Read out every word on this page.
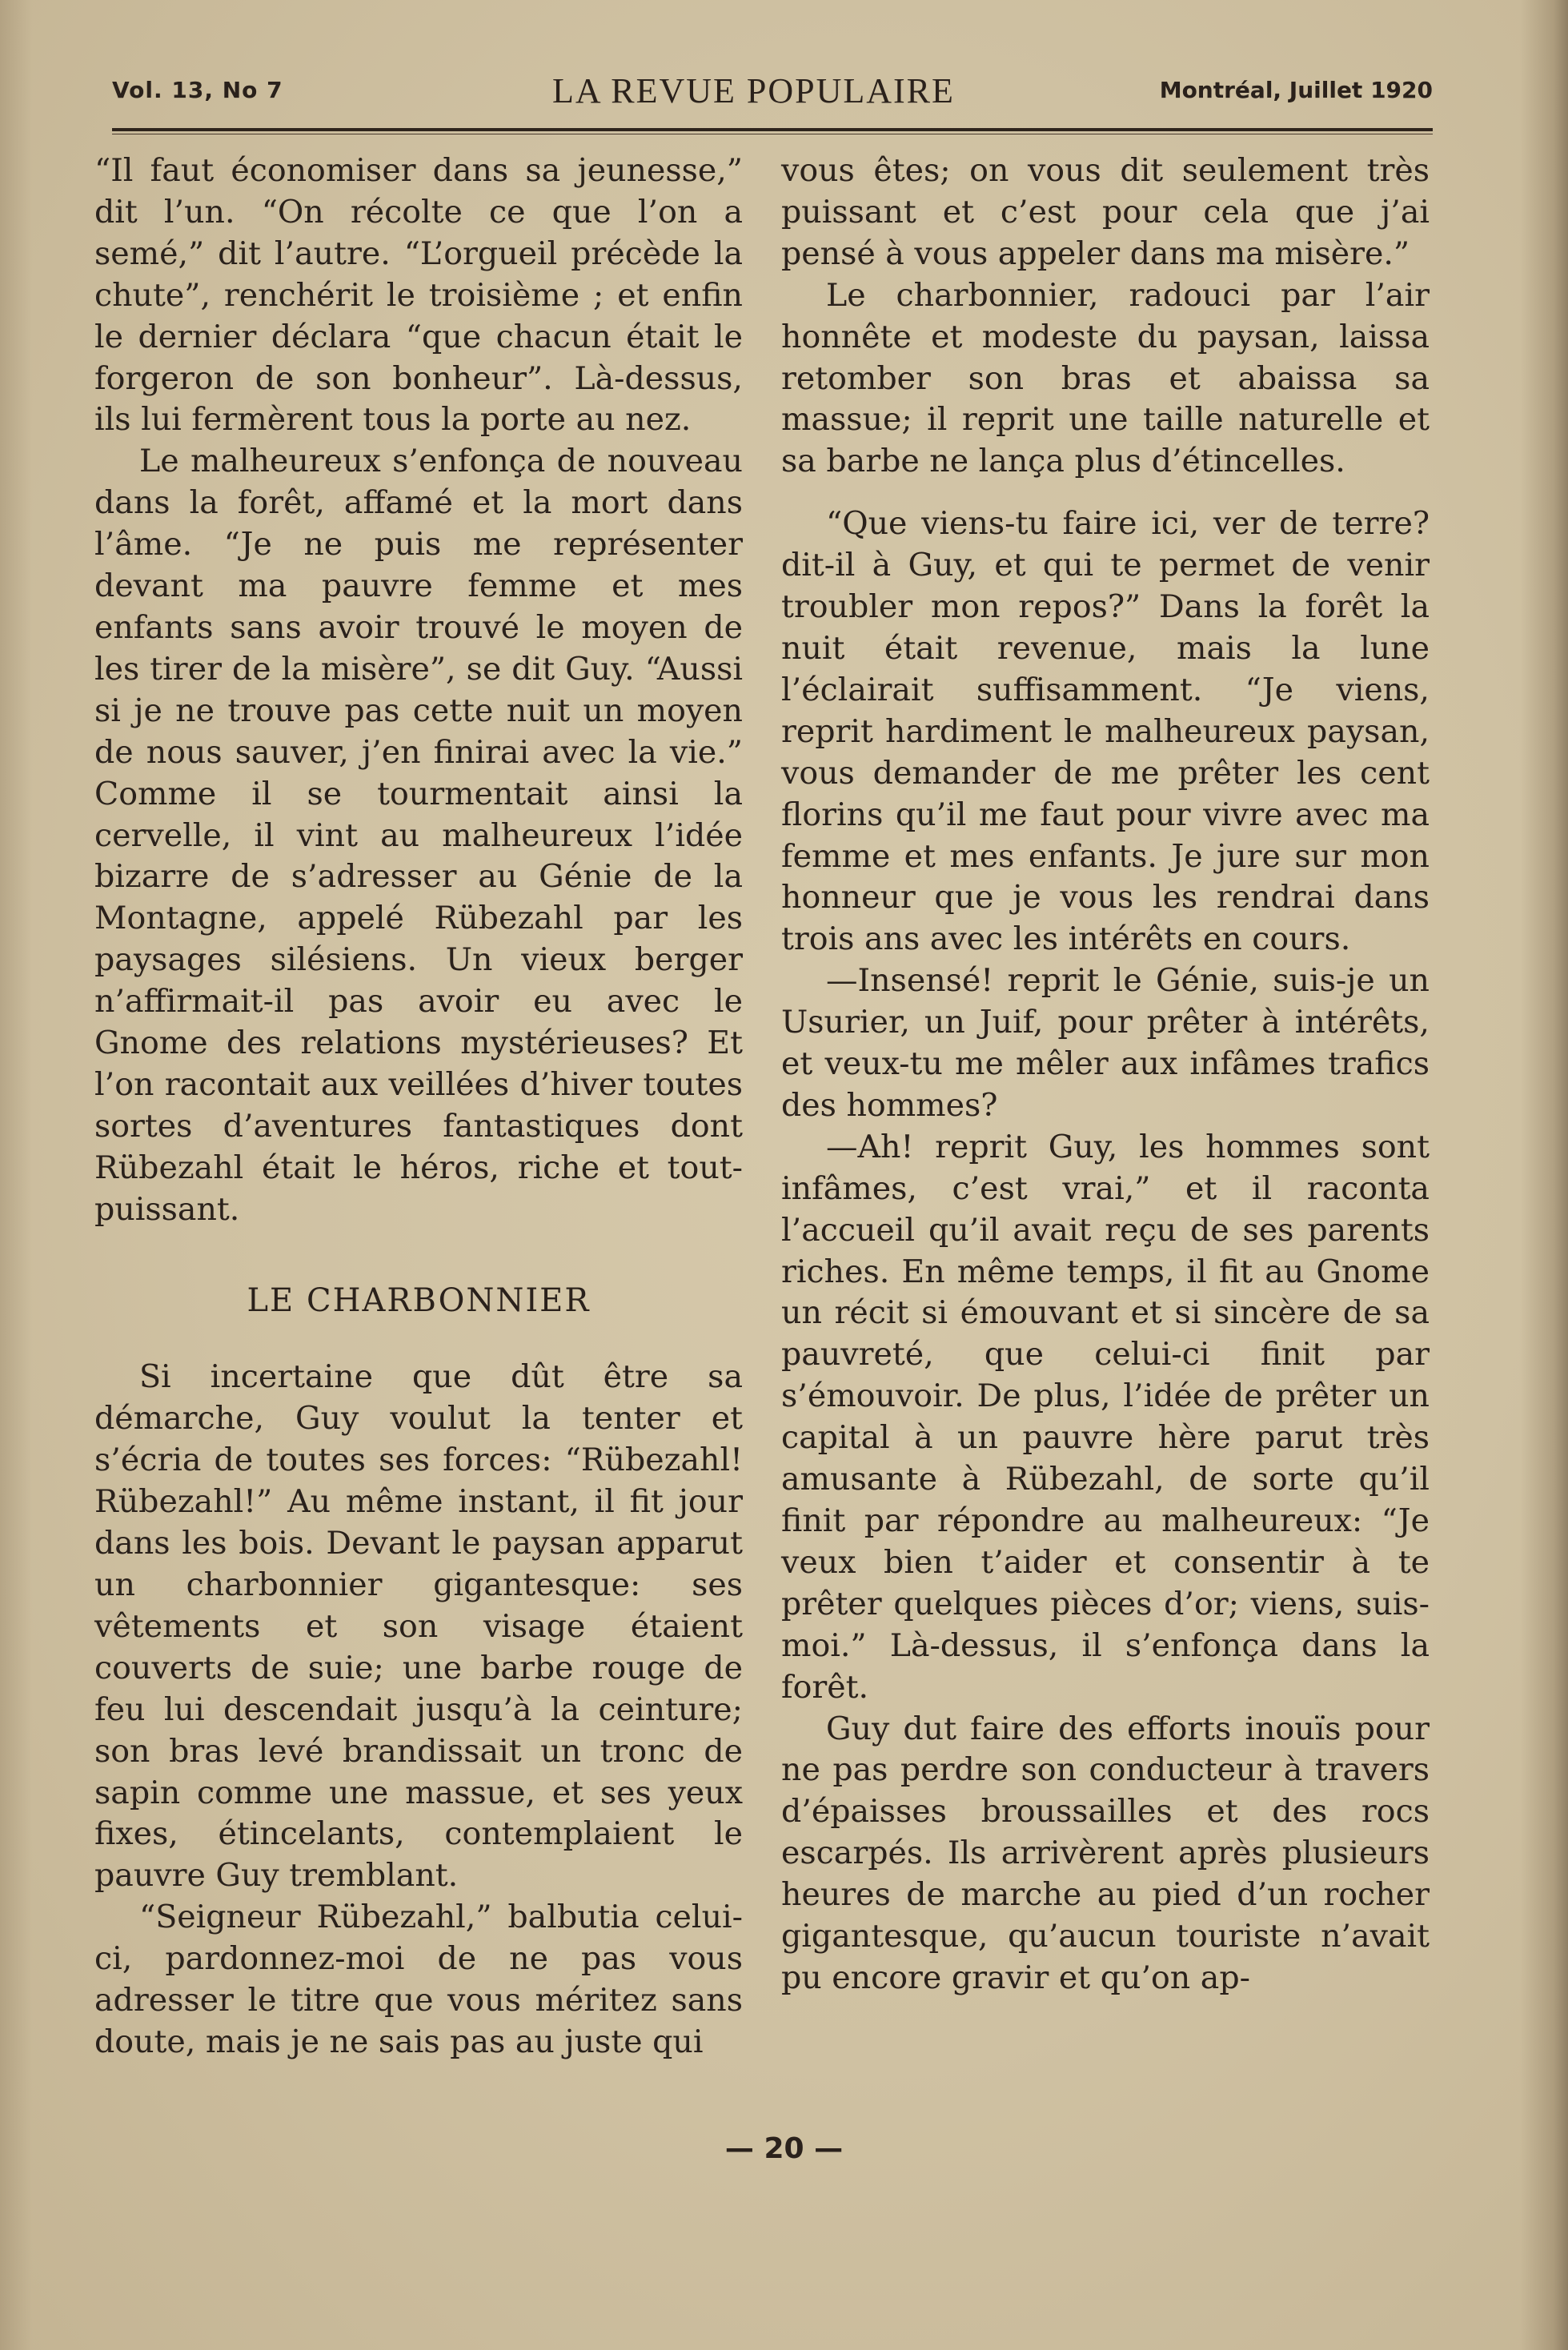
Vol. 13, No 7	LA REVUE POPULAIRE	Montréal, Juillet 1920

“Il faut économiser dans sa jeunesse,” dit l’un. “On récolte ce que l’on a semé,” dit l’autre. “L’orgueil précède la chute”, renchérit le troisième ; et enfin le dernier déclara “que chacun était le forgeron de son bonheur”. Là-dessus, ils lui fermèrent tous la porte au nez.

Le malheureux s’enfonça de nouveau dans la forêt, affamé et la mort dans l’âme. “Je ne puis me représenter devant ma pauvre femme et mes enfants sans avoir trouvé le moyen de les tirer de la misère”, se dit Guy. “Aussi si je ne trouve pas cette nuit un moyen de nous sauver, j’en finirai avec la vie.” Comme il se tourmentait ainsi la cervelle, il vint au malheureux l’idée bizarre de s’adresser au Génie de la Montagne, appelé Rübezahl par les paysages silésiens. Un vieux berger n’affirmait-il pas avoir eu avec le Gnome des relations mystérieuses? Et l’on racontait aux veillées d’hiver toutes sortes d’aventures fantastiques dont Rübezahl était le héros, riche et tout-puissant.

LE CHARBONNIER

Si incertaine que dût être sa démarche, Guy voulut la tenter et s’écria de toutes ses forces: “Rübezahl! Rübezahl!” Au même instant, il fit jour dans les bois. Devant le paysan apparut un charbonnier gigantesque: ses vêtements et son visage étaient couverts de suie; une barbe rouge de feu lui descendait jusqu’à la ceinture; son bras levé brandissait un tronc de sapin comme une massue, et ses yeux fixes, étincelants, contemplaient le pauvre Guy tremblant.

“Seigneur Rübezahl,” balbutia celui-ci, pardonnez-moi de ne pas vous adresser le titre que vous méritez sans doute, mais je ne sais pas au juste qui

vous êtes; on vous dit seulement très puissant et c’est pour cela que j’ai pensé à vous appeler dans ma misère.”

Le charbonnier, radouci par l’air honnête et modeste du paysan, laissa retomber son bras et abaissa sa massue; il reprit une taille naturelle et sa barbe ne lança plus d’étincelles.

“Que viens-tu faire ici, ver de terre? dit-il à Guy, et qui te permet de venir troubler mon repos?” Dans la forêt la nuit était revenue, mais la lune l’éclairait suffisamment. “Je viens, reprit hardiment le malheureux paysan, vous demander de me prêter les cent florins qu’il me faut pour vivre avec ma femme et mes enfants. Je jure sur mon honneur que je vous les rendrai dans trois ans avec les intérêts en cours.

—Insensé! reprit le Génie, suis-je un Usurier, un Juif, pour prêter à intérêts, et veux-tu me mêler aux infâmes trafics des hommes?

—Ah! reprit Guy, les hommes sont infâmes, c’est vrai,” et il raconta l’accueil qu’il avait reçu de ses parents riches. En même temps, il fit au Gnome un récit si émouvant et si sincère de sa pauvreté, que celui-ci finit par s’émouvoir. De plus, l’idée de prêter un capital à un pauvre hère parut très amusante à Rübezahl, de sorte qu’il finit par répondre au malheureux: “Je veux bien t’aider et consentir à te prêter quelques pièces d’or; viens, suis-moi.” Là-dessus, il s’enfonça dans la forêt.

Guy dut faire des efforts inouïs pour ne pas perdre son conducteur à travers d’épaisses broussailles et des rocs escarpés. Ils arrivèrent après plusieurs heures de marche au pied d’un rocher gigantesque, qu’aucun touriste n’avait pu encore gravir et qu’on ap-

— 20 —
